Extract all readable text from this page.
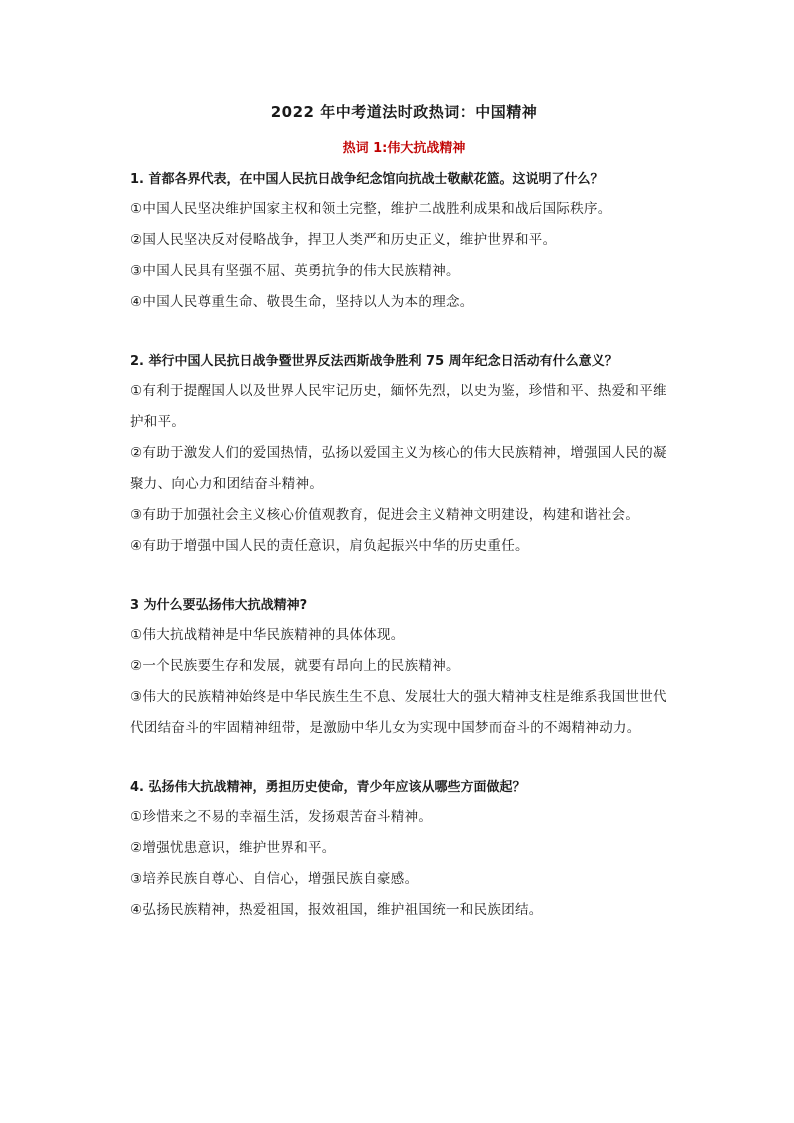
2022 年中考道法时政热词：中国精神
热词 1:伟大抗战精神

1. 首都各界代表，在中国人民抗日战争纪念馆向抗战士敬献花篮。这说明了什么？

①中国人民坚决维护国家主权和领土完整，维护二战胜利成果和战后国际秩序。

②国人民坚决反对侵略战争，捍卫人类严和历史正义，维护世界和平。

③中国人民具有坚强不屈、英勇抗争的伟大民族精神。

④中国人民尊重生命、敬畏生命，坚持以人为本的理念。

2. 举行中国人民抗日战争暨世界反法西斯战争胜利 75 周年纪念日活动有什么意义？

①有利于提醒国人以及世界人民牢记历史，緬怀先烈，以史为鉴，珍惜和平、热爱和平维护和平。

②有助于激发人们的爱国热情，弘扬以爱国主义为核心的伟大民族精神，增强国人民的凝聚力、向心力和团结奋斗精神。

③有助于加强社会主义核心价值观教育，促进会主义精神文明建设，构建和谐社会。

④有助于增强中国人民的责任意识，肩负起振兴中华的历史重任。

3 为什么要弘扬伟大抗战精神?

①伟大抗战精神是中华民族精神的具体体现。

②一个民族要生存和发展，就要有昂向上的民族精神。

③伟大的民族精神始终是中华民族生生不息、发展壮大的强大精神支柱是维系我国世世代代团结奋斗的牢固精神纽带，是激励中华儿女为实现中国梦而奋斗的不竭精神动力。

4. 弘扬伟大抗战精神，勇担历史使命，青少年应该从哪些方面做起？

①珍惜来之不易的幸福生活，发扬艰苦奋斗精神。

②增强忧患意识，维护世界和平。

③培养民族自尊心、自信心，增强民族自豪感。

④弘扬民族精神，热爱祖国，报效祖国，维护祖国统一和民族团结。
